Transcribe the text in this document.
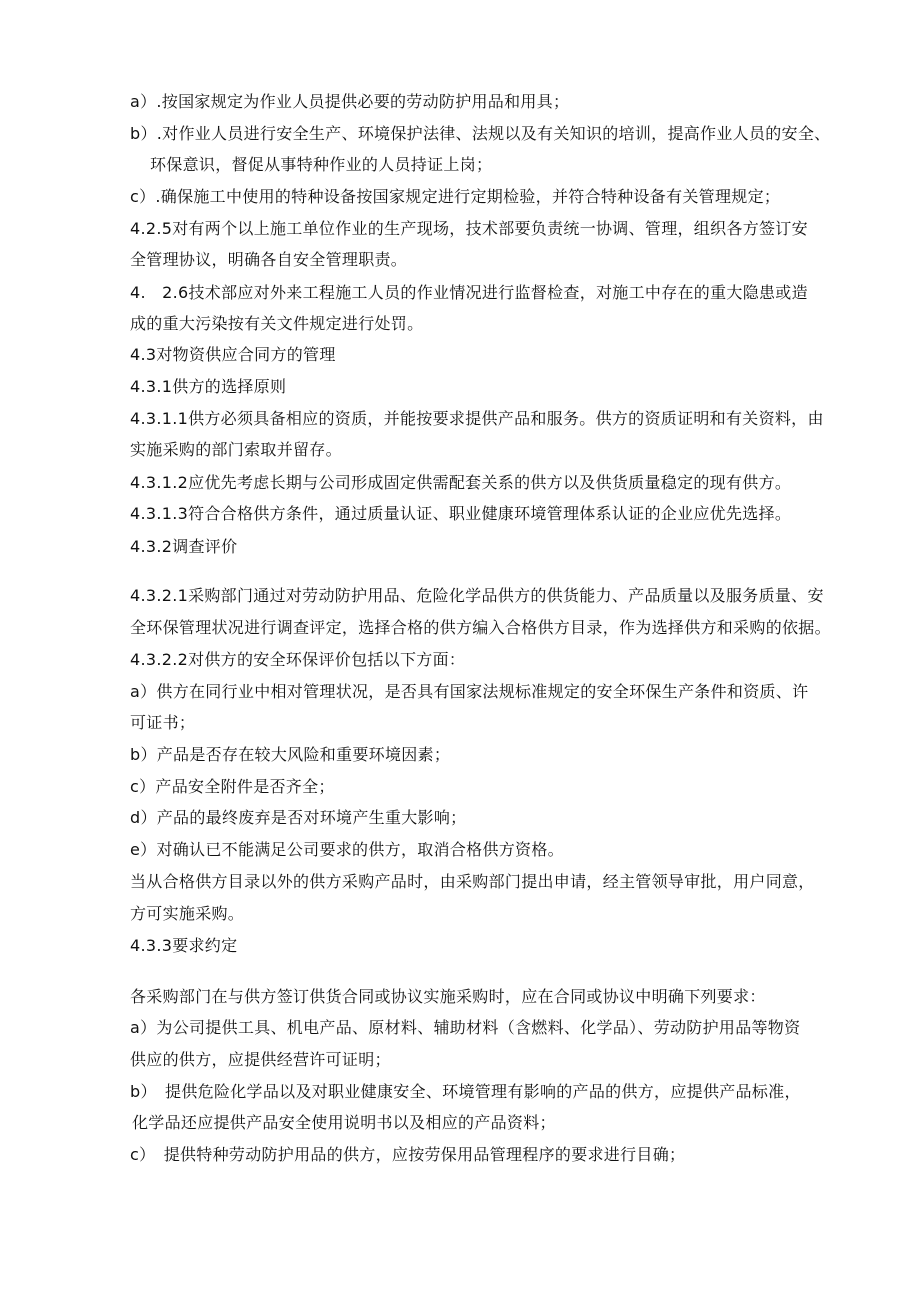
a）.按国家规定为作业人员提供必要的劳动防护用品和用具；
b）.对作业人员进行安全生产、环境保护法律、法规以及有关知识的培训，提高作业人员的安全、
环保意识，督促从事特种作业的人员持证上岗；
c）.确保施工中使用的特种设备按国家规定进行定期检验，并符合特种设备有关管理规定；
4.2.5对有两个以上施工单位作业的生产现场，技术部要负责统一协调、管理，组织各方签订安
全管理协议，明确各自安全管理职责。
4.　2.6技术部应对外来工程施工人员的作业情况进行监督检查，对施工中存在的重大隐患或造
成的重大污染按有关文件规定进行处罚。
4.3对物资供应合同方的管理
4.3.1供方的选择原则
4.3.1.1供方必须具备相应的资质，并能按要求提供产品和服务。供方的资质证明和有关资料，由
实施采购的部门索取并留存。
4.3.1.2应优先考虑长期与公司形成固定供需配套关系的供方以及供货质量稳定的现有供方。
4.3.1.3符合合格供方条件，通过质量认证、职业健康环境管理体系认证的企业应优先选择。
4.3.2调查评价
4.3.2.1采购部门通过对劳动防护用品、危险化学品供方的供货能力、产品质量以及服务质量、安
全环保管理状况进行调查评定，选择合格的供方编入合格供方目录，作为选择供方和采购的依据。
4.3.2.2对供方的安全环保评价包括以下方面：
a）供方在同行业中相对管理状况，是否具有国家法规标准规定的安全环保生产条件和资质、许
可证书；
b）产品是否存在较大风险和重要环境因素；
c）产品安全附件是否齐全；
d）产品的最终废弃是否对环境产生重大影响；
e）对确认已不能满足公司要求的供方，取消合格供方资格。
当从合格供方目录以外的供方采购产品时，由采购部门提出申请，经主管领导审批，用户同意，
方可实施采购。
4.3.3要求约定
各采购部门在与供方签订供货合同或协议实施采购时，应在合同或协议中明确下列要求：
a）为公司提供工具、机电产品、原材料、辅助材料（含燃料、化学品）、劳动防护用品等物资
供应的供方，应提供经营许可证明；
b）　提供危险化学品以及对职业健康安全、环境管理有影响的产品的供方，应提供产品标准，
化学品还应提供产品安全使用说明书以及相应的产品资料；
c）　提供特种劳动防护用品的供方，应按劳保用品管理程序的要求进行目确；
